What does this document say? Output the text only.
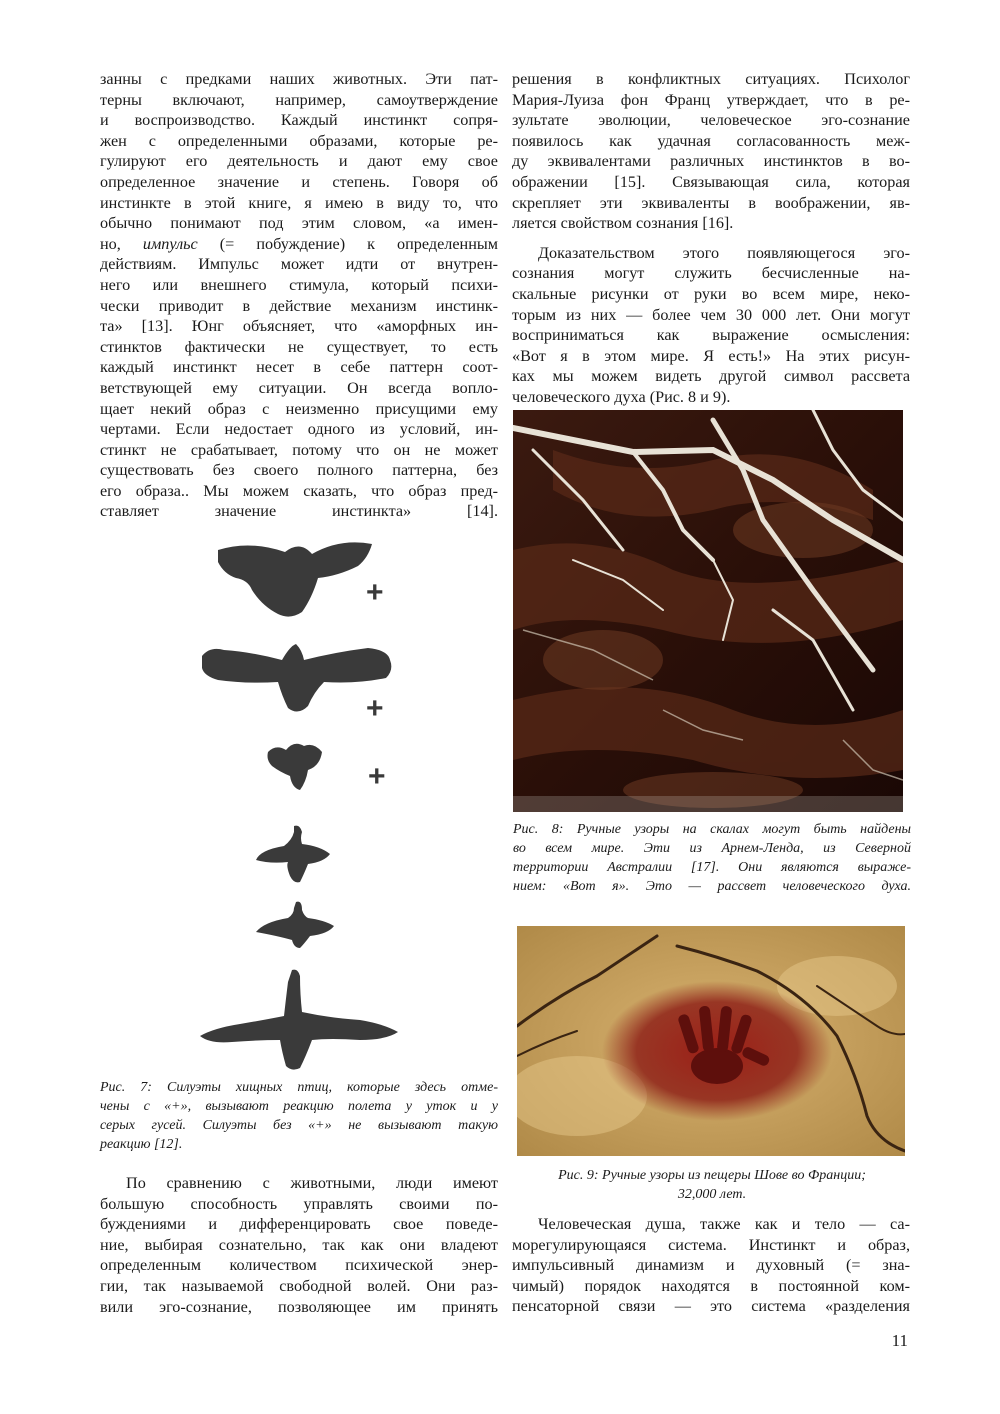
занны с предками наших животных. Эти пат-

терны включают, например, самоутверждение

и воспроизводство. Каждый инстинкт сопря-

жен с определенными образами, которые ре-

гулируют его деятельность и дают ему свое

определенное значение и степень. Говоря об

инстинкте в этой книге, я имею в виду то, что

обычно понимают под этим словом, «а имен-

но, импульс (= побуждение) к определенным

действиям. Импульс может идти от внутрен-

него или внешнего стимула, который психи-

чески приводит в действие механизм инстинк-

та» [13]. Юнг объясняет, что «аморфных ин-

стинктов фактически не существует, то есть

каждый инстинкт несет в себе паттерн соот-

ветствующей ему ситуации. Он всегда вопло-

щает некий образ с неизменно присущими ему

чертами. Если недостает одного из условий, ин-

стинкт не срабатывает, потому что он не может

существовать без своего полного паттерна, без

его образа.. Мы можем сказать, что образ пред-

ставляет значение инстинкта» [14].

+
+
+

Рис. 7: Силуэты хищных птиц, которые здесь отме-

чены с «+», вызывают реакцию полета у уток и у

серых гусей. Силуэты без «+» не вызывают такую

реакцию [12].

По сравнению с животными, люди имеют

большую способность управлять своими по-

буждениями и дифференцировать свое поведе-

ние, выбирая сознательно, так как они владеют

определенным количеством психической энер-

гии, так называемой свободной волей. Они раз-

вили эго-сознание, позволяющее им принять

решения в конфликтных ситуациях. Психолог

Мария-Луиза фон Франц утверждает, что в ре-

зультате эволюции, человеческое эго-сознание

появилось как удачная согласованность меж-

ду эквивалентами различных инстинктов в во-

ображении [15]. Связывающая сила, которая

скрепляет эти эквиваленты в воображении, яв-

ляется свойством сознания [16].

Доказательством этого появляющегося эго-

сознания могут служить бесчисленные на-

скальные рисунки от руки во всем мире, неко-

торым из них — более чем 30 000 лет. Они могут

восприниматься как выражение осмысления:

«Вот я в этом мире. Я есть!» На этих рисун-

ках мы можем видеть другой символ рассвета

человеческого духа (Рис. 8 и 9).

Рис. 8: Ручные узоры на скалах могут быть найдены

во всем мире. Эти из Арнем-Ленда, из Северной

территории Австралии [17]. Они являются выраже-

нием: «Вот я». Это — рассвет человеческого духа.

Рис. 9: Ручные узоры из пещеры Шове во Франции;

32,000 лет.

Человеческая душа, также как и тело — са-

морегулирующаяся система. Инстинкт и образ,

импульсивный динамизм и духовный (= зна-

чимый) порядок находятся в постоянной ком-

пенсаторной связи — это система «разделения

11
